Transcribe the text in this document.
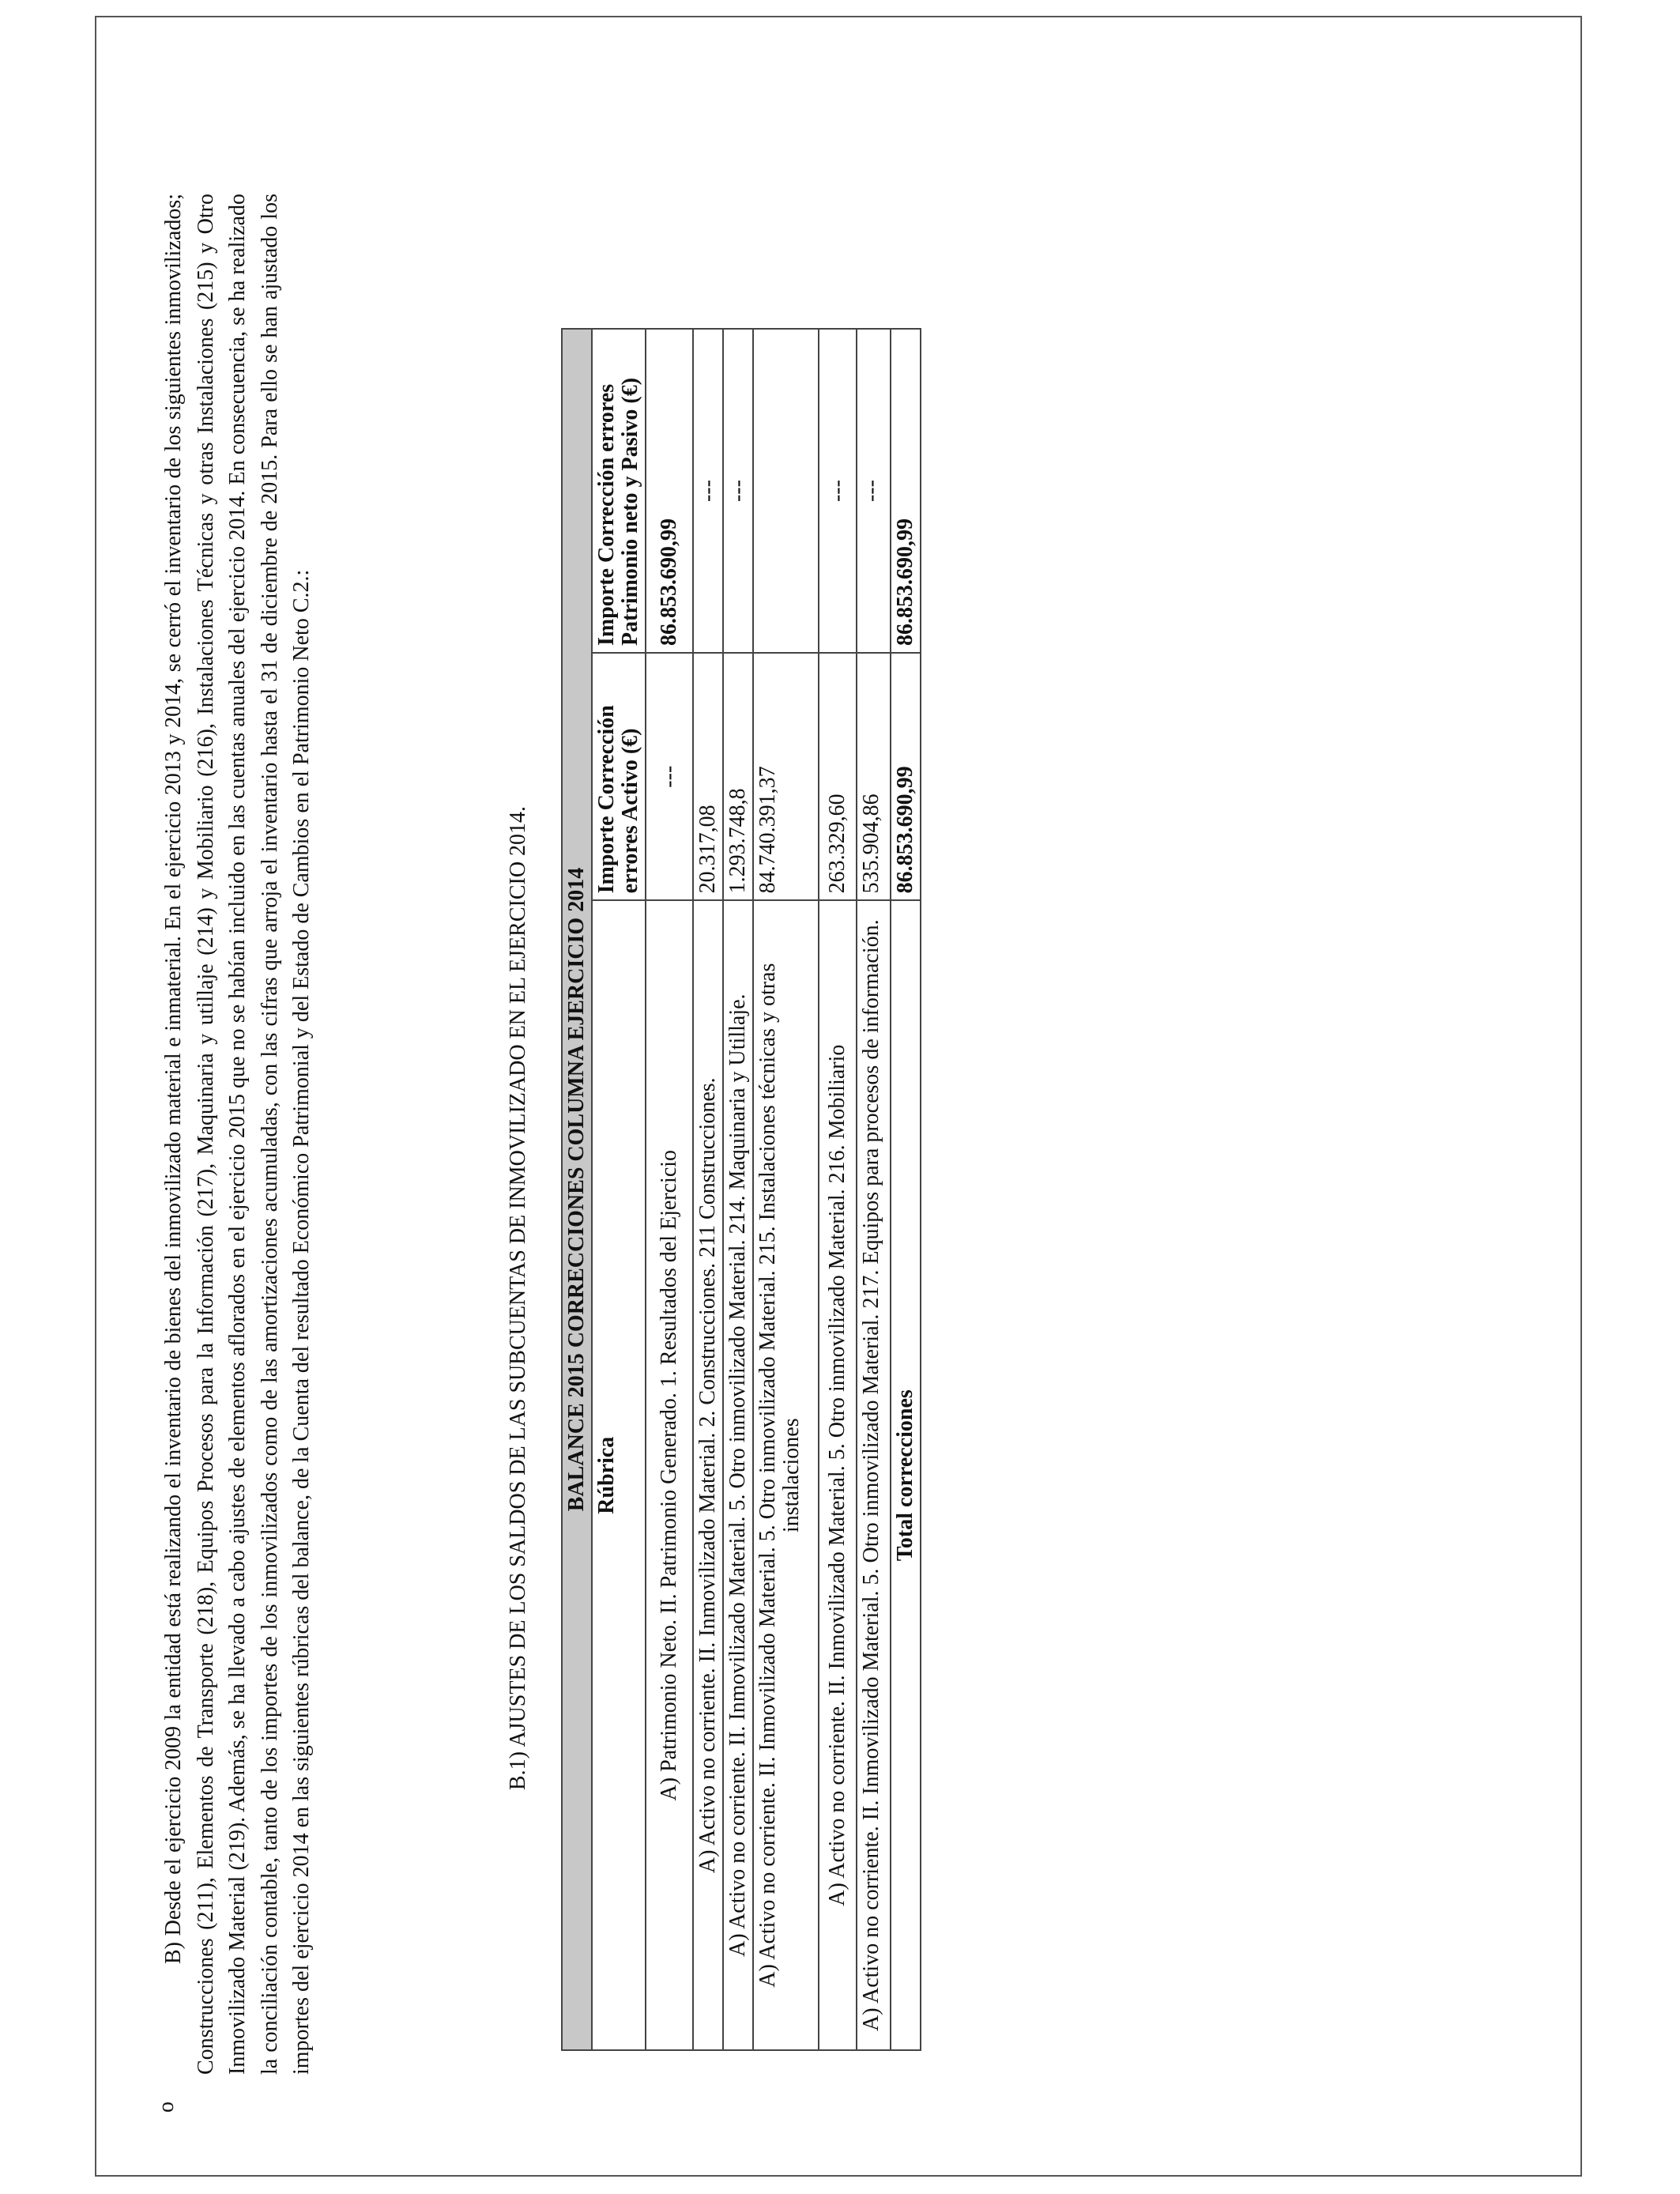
o

B) Desde el ejercicio 2009 la entidad está realizando el inventario de bienes del inmovilizado material e inmaterial. En el ejercicio 2013 y 2014, se cerró el inventario de los siguientes inmovilizados; Construcciones (211), Elementos de Transporte (218), Equipos Procesos para la Información (217), Maquinaria y utillaje (214) y Mobiliario (216), Instalaciones Técnicas y otras Instalaciones (215) y Otro Inmovilizado Material (219). Además, se ha llevado a cabo ajustes de elementos aflorados en el ejercicio 2015 que no se habían incluido en las cuentas anuales del ejercicio 2014. En consecuencia, se ha realizado la conciliación contable, tanto de los importes de los inmovilizados como de las amortizaciones acumuladas, con las cifras que arroja el inventario hasta el 31 de diciembre de 2015. Para ello se han ajustado los importes del ejercicio 2014 en las siguientes rúbricas del balance, de la Cuenta del resultado Económico Patrimonial y del Estado de Cambios en el Patrimonio Neto C.2.:	B.1) AJUSTES DE LOS SALDOS DE LAS SUBCUENTAS DE INMOVILIZADO EN EL EJERCICIO 2014. BALANCE 2015 CORRECCIONES COLUMNA EJERCICIO 2014		
Rúbrica	Importe Corrección errores Activo (€)	Importe Corrección errores Patrimonio neto y Pasivo (€)
A) Patrimonio Neto. II. Patrimonio Generado. 1. Resultados del Ejercicio	---	86.853.690,99
A) Activo no corriente. II. Inmovilizado Material. 2. Construcciones. 211 Construcciones.	20.317,08	---
A) Activo no corriente. II. Inmovilizado Material. 5. Otro inmovilizado Material. 214. Maquinaria y Utillaje.	1.293.748,8	---
A) Activo no corriente. II. Inmovilizado Material. 5. Otro inmovilizado Material. 215. Instalaciones técnicas y otras instalaciones	84.740.391,37	
A) Activo no corriente. II. Inmovilizado Material. 5. Otro inmovilizado Material. 216. Mobiliario	263.329,60	---
A) Activo no corriente. II. Inmovilizado Material. 5. Otro inmovilizado Material. 217. Equipos para procesos de información.	535.904,86	---
Total correcciones	86.853.690,99	86.853.690,99
